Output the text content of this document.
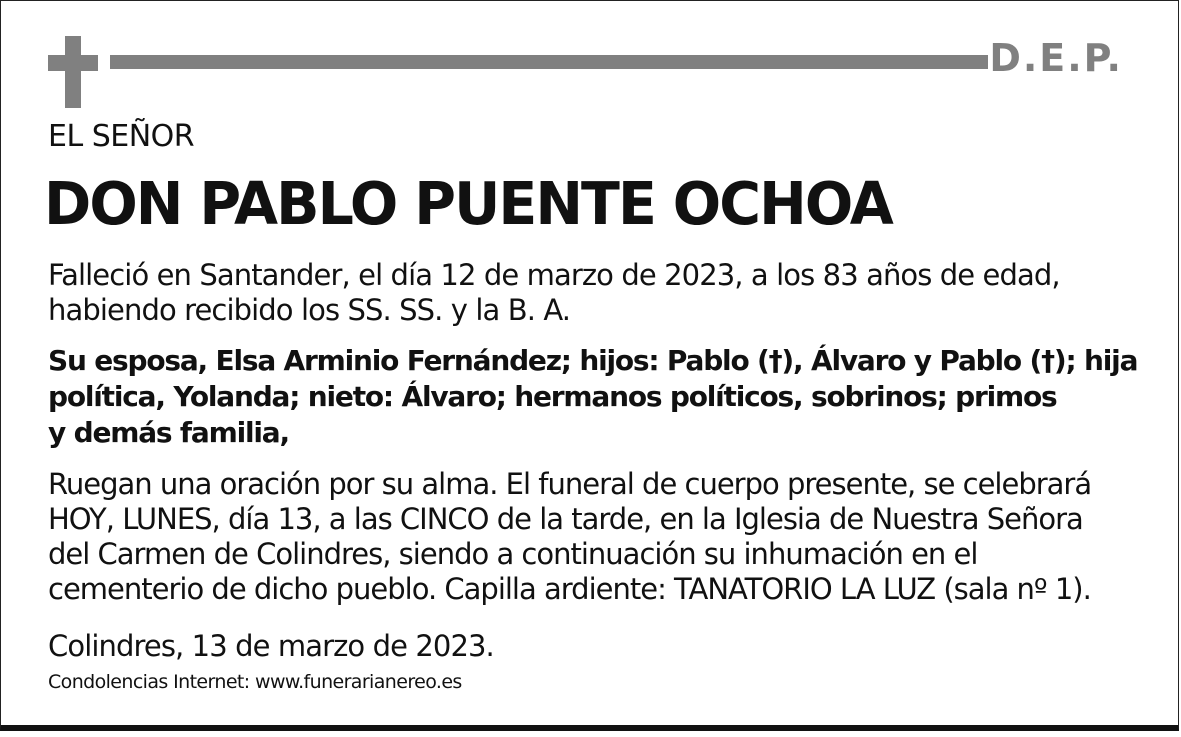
D.E.P.
EL SEÑOR
DON PABLO PUENTE OCHOA
Falleció en Santander, el día 12 de marzo de 2023, a los 83 años de edad,
habiendo recibido los SS. SS. y la B. A.
Su esposa, Elsa Arminio Fernández; hijos: Pablo (†), Álvaro y Pablo (†); hija
política, Yolanda; nieto: Álvaro; hermanos políticos, sobrinos; primos
y demás familia,
Ruegan una oración por su alma. El funeral de cuerpo presente, se celebrará
HOY, LUNES, día 13, a las CINCO de la tarde, en la Iglesia de Nuestra Señora
del Carmen de Colindres, siendo a continuación su inhumación en el
cementerio de dicho pueblo. Capilla ardiente: TANATORIO LA LUZ (sala nº 1).
Colindres, 13 de marzo de 2023.
Condolencias Internet: www.funerarianereo.es
